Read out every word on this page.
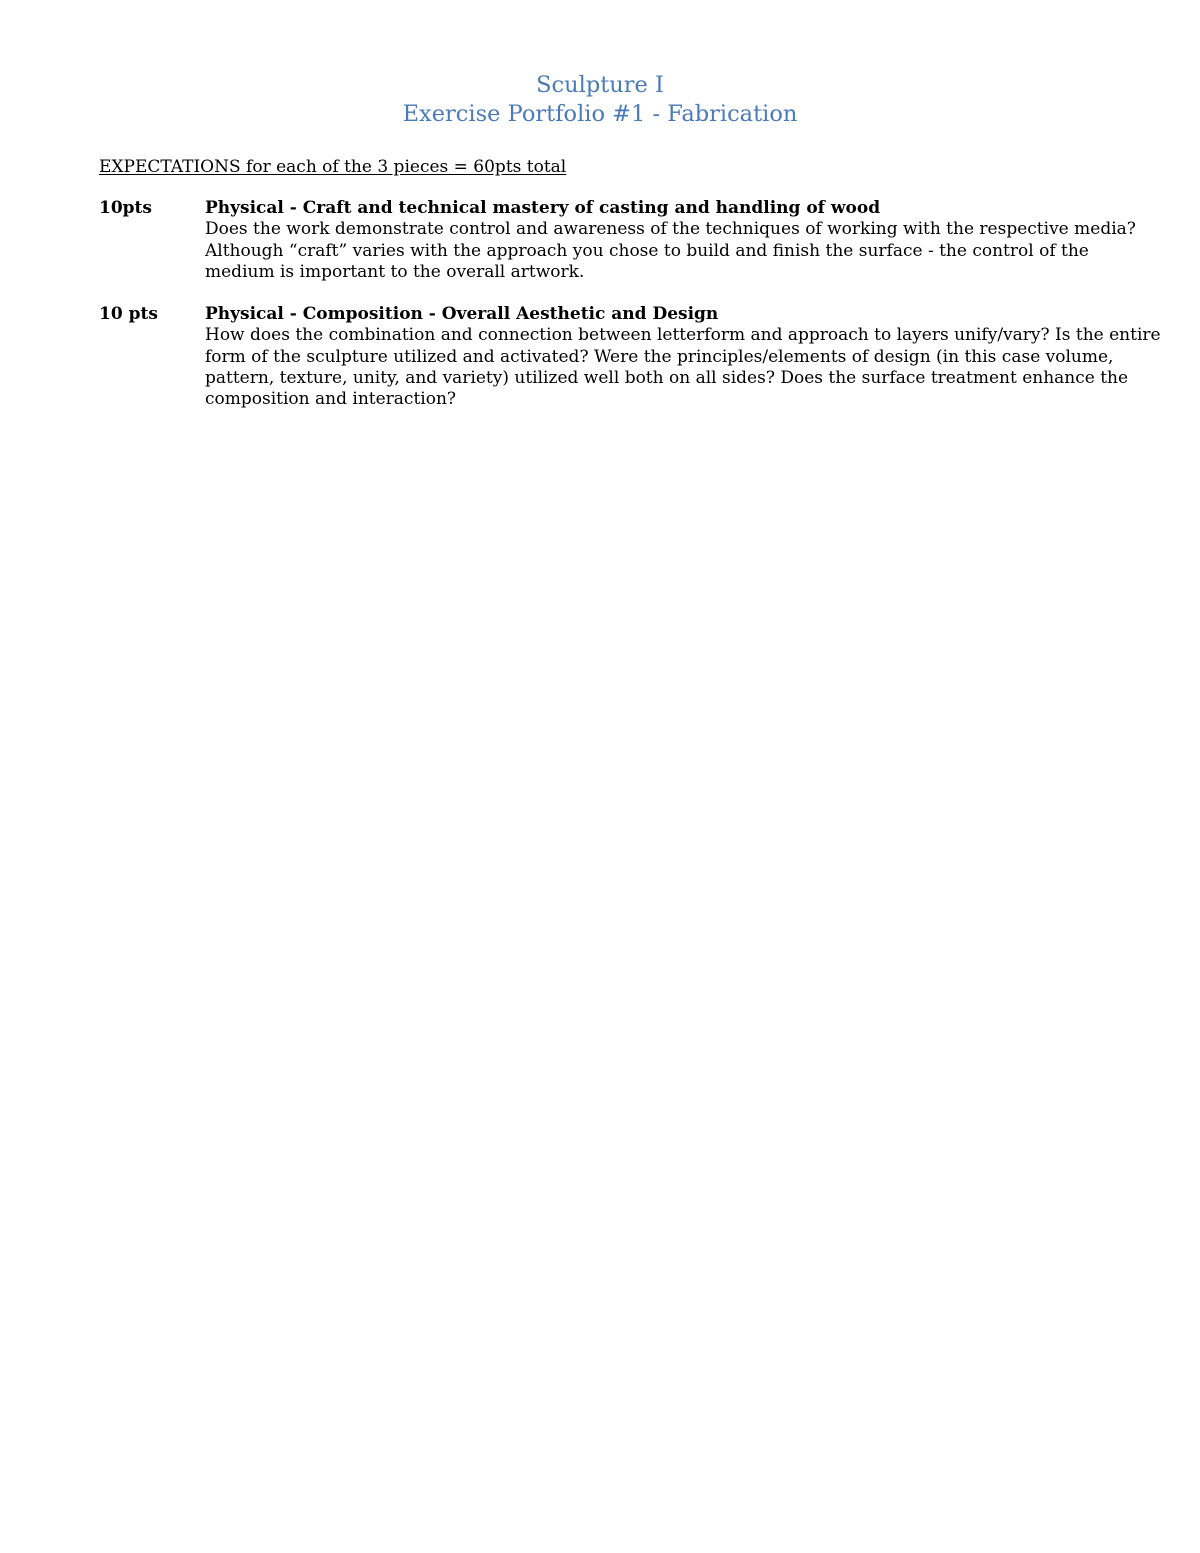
Sculpture I
Exercise Portfolio #1 - Fabrication
EXPECTATIONS for each of the 3 pieces = 60pts total
10pts	Physical - Craft and technical mastery of casting and handling of wood
Does the work demonstrate control and awareness of the techniques of working with the respective media?
Although “craft” varies with the approach you chose to build and finish the surface - the control of the
medium is important to the overall artwork.
10 pts	Physical - Composition - Overall Aesthetic and Design
How does the combination and connection between letterform and approach to layers unify/vary? Is the entire
form of the sculpture utilized and activated? Were the principles/elements of design (in this case volume,
pattern, texture, unity, and variety) utilized well both on all sides? Does the surface treatment enhance the
composition and interaction?
